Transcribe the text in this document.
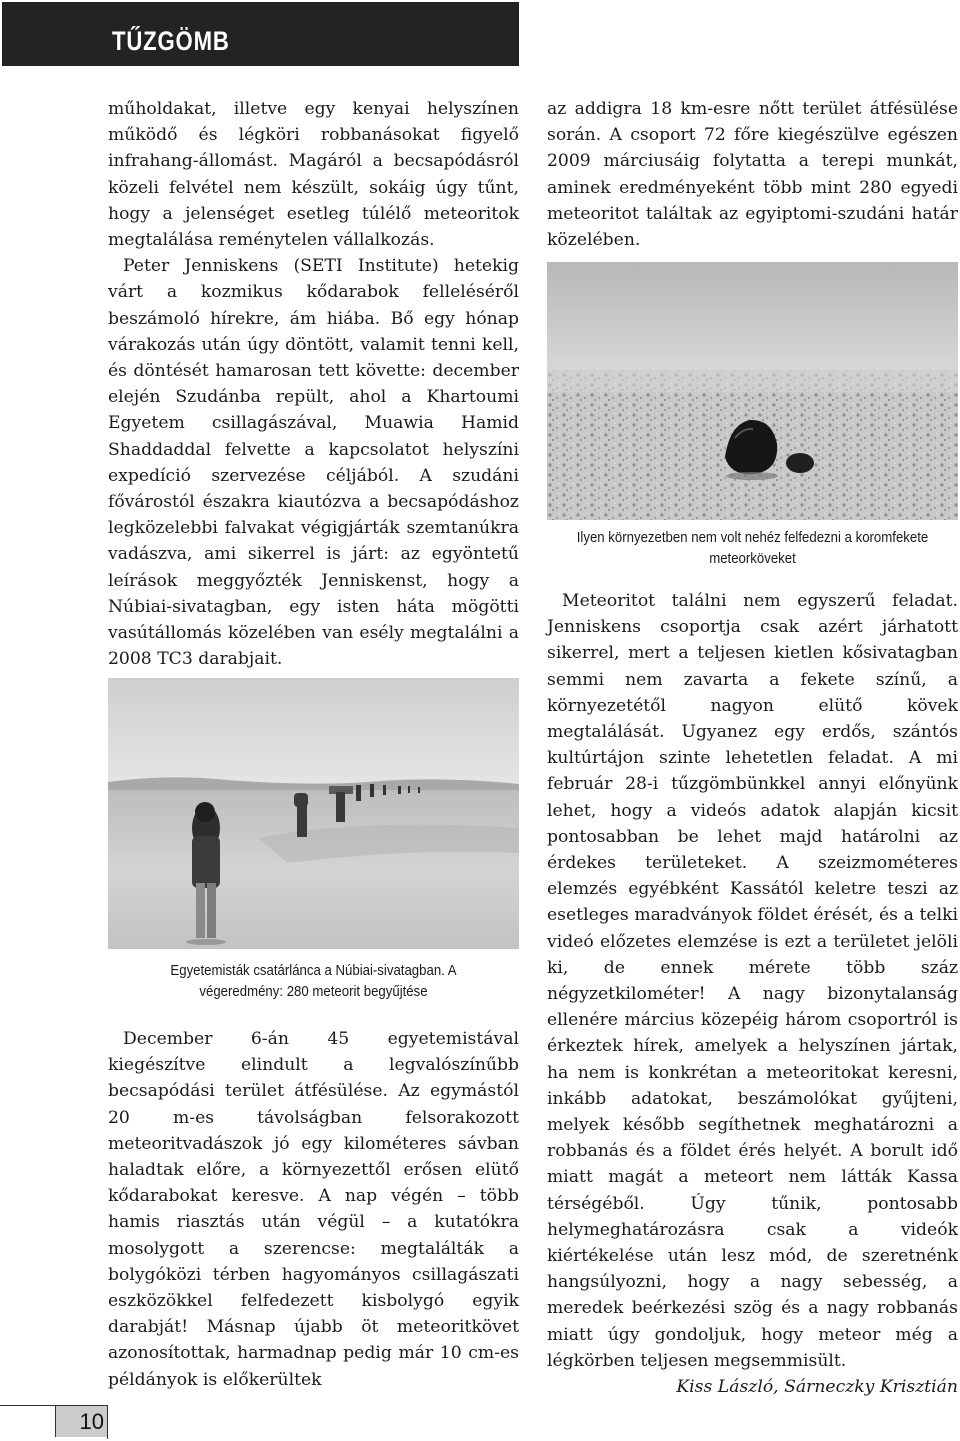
TŰZGÖMB

műholdakat, illetve egy kenyai helyszínen működő és légköri robbanásokat figyelő infrahang-állomást. Magáról a becsapódásról közeli felvétel nem készült, sokáig úgy tűnt, hogy a jelenséget esetleg túlélő meteoritok megtalálása reménytelen vállalkozás.

Peter Jenniskens (SETI Institute) hetekig várt a kozmikus kődarabok felleléséről beszámoló hírekre, ám hiába. Bő egy hónap várakozás után úgy döntött, valamit tenni kell, és döntését hamarosan tett követte: december elején Szudánba repült, ahol a Khartoumi Egyetem csillagászával, Muawia Hamid Shaddaddal felvette a kapcsolatot helyszíni expedíció szervezése céljából. A szudáni fővárostól északra kiautózva a becsapódáshoz legközelebbi falvakat végigjárták szemtanúkra vadászva, ami sikerrel is járt: az egyöntetű leírások meggyőzték Jenniskenst, hogy a Núbiai-sivatagban, egy isten háta mögötti vasútállomás közelében van esély megtalálni a 2008 TC3 darabjait.

Egyetemisták csatárlánca a Núbiai-sivatagban. A végeredmény: 280 meteorit begyűjtése

December 6-án 45 egyetemistával kiegészítve elindult a legvalószínűbb becsapódási terület átfésülése. Az egymástól 20 m-es távolságban felsorakozott meteoritvadászok jó egy kilométeres sávban haladtak előre, a környezettől erősen elütő kődarabokat keresve. A nap végén – több hamis riasztás után végül – a kutatókra mosolygott a szerencse: megtalálták a bolygóközi térben hagyományos csillagászati eszközökkel felfedezett kisbolygó egyik darabját! Másnap újabb öt meteoritkövet azonosítottak, harmadnap pedig már 10 cm-es példányok is előkerültek

az addigra 18 km-esre nőtt terület átfésülése során. A csoport 72 főre kiegészülve egészen 2009 márciusáig folytatta a terepi munkát, aminek eredményeként több mint 280 egyedi meteoritot találtak az egyiptomi-szudáni határ közelében.

Ilyen környezetben nem volt nehéz felfedezni a koromfekete meteorköveket

Meteoritot találni nem egyszerű feladat. Jenniskens csoportja csak azért járhatott sikerrel, mert a teljesen kietlen kősivatagban semmi nem zavarta a fekete színű, a környezetétől nagyon elütő kövek megtalálását. Ugyanez egy erdős, szántós kultúrtájon szinte lehetetlen feladat. A mi február 28-i tűzgömbünkkel annyi előnyünk lehet, hogy a videós adatok alapján kicsit pontosabban be lehet majd határolni az érdekes területeket. A szeizmométeres elemzés egyébként Kassától keletre teszi az esetleges maradványok földet érését, és a telki videó előzetes elemzése is ezt a területet jelöli ki, de ennek mérete több száz négyzetkilométer! A nagy bizonytalanság ellenére március közepéig három csoportról is érkeztek hírek, amelyek a helyszínen jártak, ha nem is konkrétan a meteoritokat keresni, inkább adatokat, beszámolókat gyűjteni, melyek később segíthetnek meghatározni a robbanás és a földet érés helyét. A borult idő miatt magát a meteort nem látták Kassa térségéből. Úgy tűnik, pontosabb helymeghatározásra csak a videók kiértékelése után lesz mód, de szeretnénk hangsúlyozni, hogy a nagy sebesség, a meredek beérkezési szög és a nagy robbanás miatt úgy gondoljuk, hogy meteor még a légkörben teljesen megsemmisült.

Kiss László, Sárneczky Krisztián

10
